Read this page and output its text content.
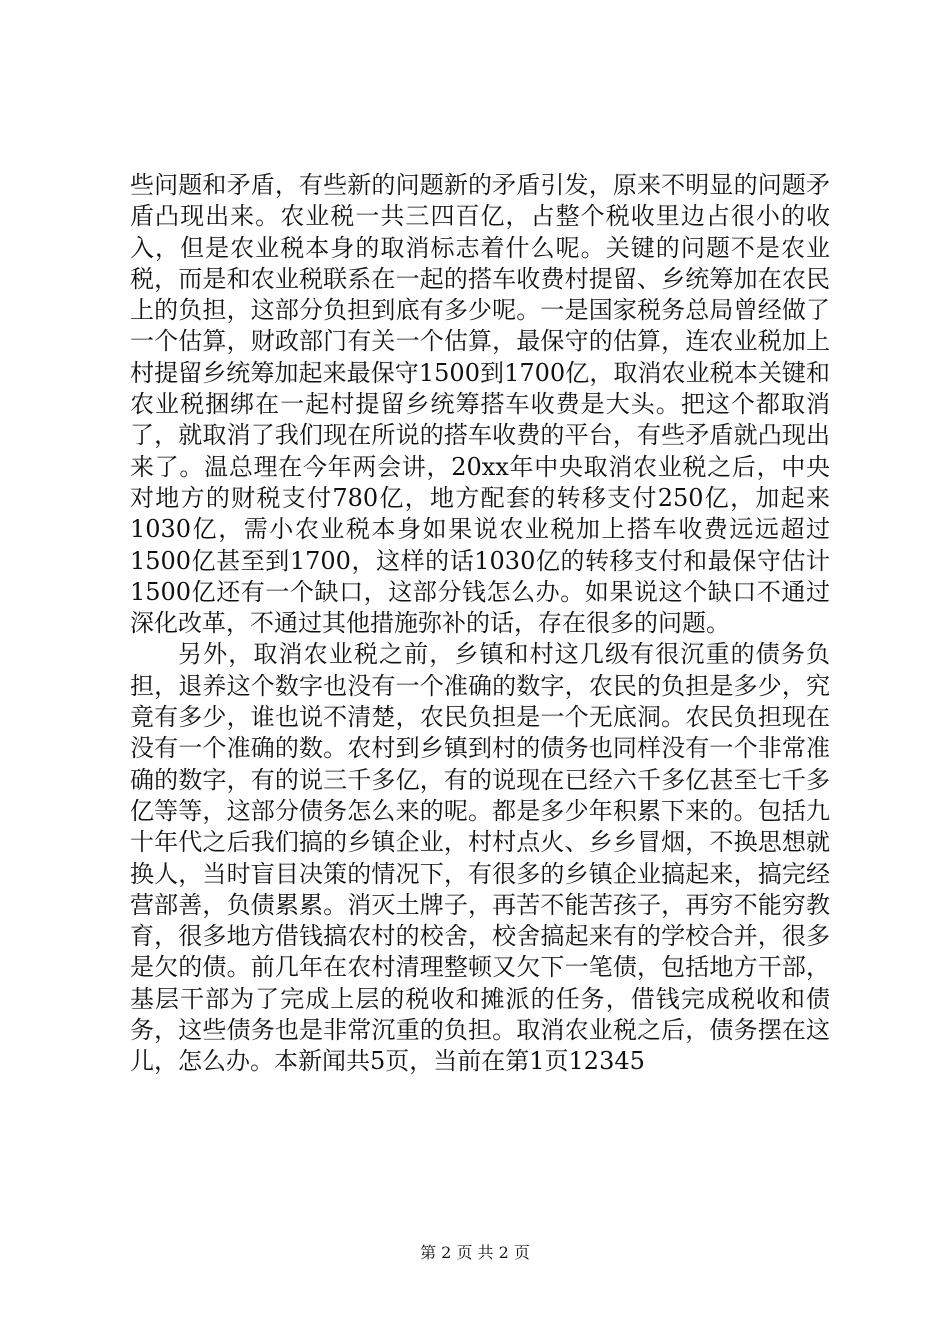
些问题和矛盾，有些新的问题新的矛盾引发，原来不明显的问题矛盾凸现出来。农业税一共三四百亿，占整个税收里边占很小的收入，但是农业税本身的取消标志着什么呢。关键的问题不是农业税，而是和农业税联系在一起的搭车收费村提留、乡统筹加在农民上的负担，这部分负担到底有多少呢。一是国家税务总局曾经做了一个估算，财政部门有关一个估算，最保守的估算，连农业税加上村提留乡统筹加起来最保守1500到1700亿，取消农业税本关键和农业税捆绑在一起村提留乡统筹搭车收费是大头。把这个都取消了，就取消了我们现在所说的搭车收费的平台，有些矛盾就凸现出来了。温总理在今年两会讲，20xx年中央取消农业税之后，中央对地方的财税支付780亿，地方配套的转移支付250亿，加起来1030亿，需小农业税本身如果说农业税加上搭车收费远远超过1500亿甚至到1700，这样的话1030亿的转移支付和最保守估计1500亿还有一个缺口，这部分钱怎么办。如果说这个缺口不通过深化改革，不通过其他措施弥补的话，存在很多的问题。

另外，取消农业税之前，乡镇和村这几级有很沉重的债务负担，退养这个数字也没有一个准确的数字，农民的负担是多少，究竟有多少，谁也说不清楚，农民负担是一个无底洞。农民负担现在没有一个准确的数。农村到乡镇到村的债务也同样没有一个非常准确的数字，有的说三千多亿，有的说现在已经六千多亿甚至七千多亿等等，这部分债务怎么来的呢。都是多少年积累下来的。包括九十年代之后我们搞的乡镇企业，村村点火、乡乡冒烟，不换思想就换人，当时盲目决策的情况下，有很多的乡镇企业搞起来，搞完经营部善，负债累累。消灭土牌子，再苦不能苦孩子，再穷不能穷教育，很多地方借钱搞农村的校舍，校舍搞起来有的学校合并，很多是欠的债。前几年在农村清理整顿又欠下一笔债，包括地方干部，基层干部为了完成上层的税收和摊派的任务，借钱完成税收和债务，这些债务也是非常沉重的负担。取消农业税之后，债务摆在这儿，怎么办。本新闻共5页，当前在第1页12345

第 2 页 共 2 页
